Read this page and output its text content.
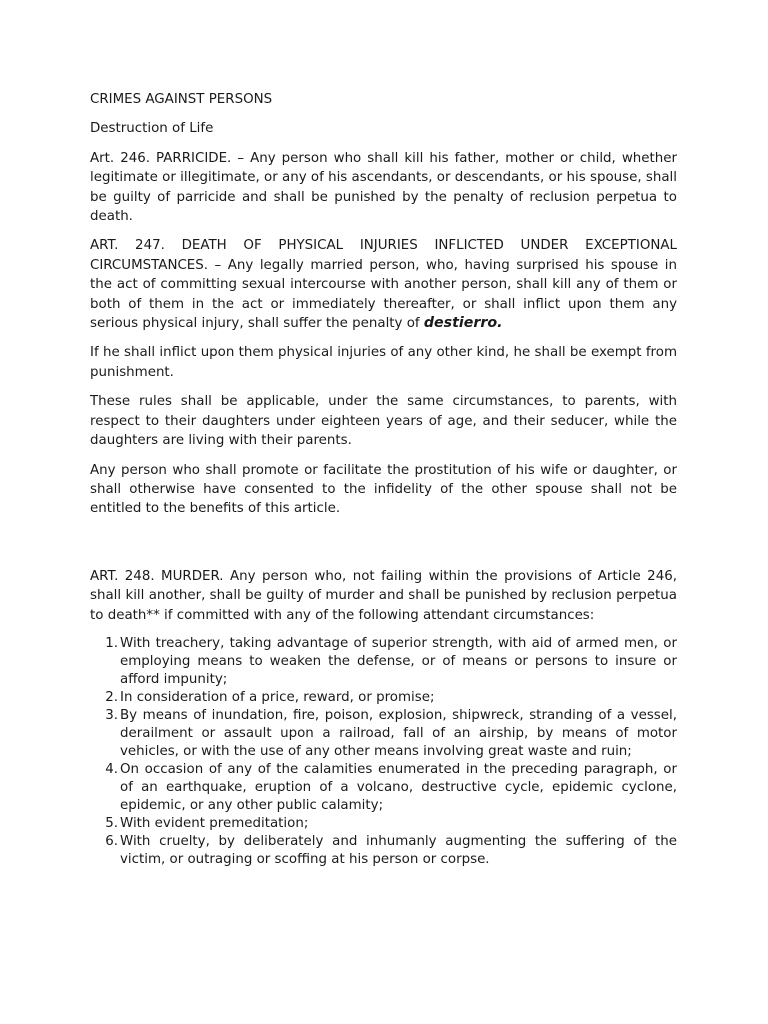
CRIMES AGAINST PERSONS

Destruction of Life

Art. 246. PARRICIDE. – Any person who shall kill his father, mother or child, whether legitimate or illegitimate, or any of his ascendants, or descendants, or his spouse, shall be guilty of parricide and shall be punished by the penalty of reclusion perpetua to death.

ART. 247. DEATH OF PHYSICAL INJURIES INFLICTED UNDER EXCEPTIONAL CIRCUMSTANCES. – Any legally married person, who, having surprised his spouse in the act of committing sexual intercourse with another person, shall kill any of them or both of them in the act or immediately thereafter, or shall inflict upon them any serious physical injury, shall suffer the penalty of destierro.

If he shall inflict upon them physical injuries of any other kind, he shall be exempt from punishment.

These rules shall be applicable, under the same circumstances, to parents, with respect to their daughters under eighteen years of age, and their seducer, while the daughters are living with their parents.

Any person who shall promote or facilitate the prostitution of his wife or daughter, or shall otherwise have consented to the infidelity of the other spouse shall not be entitled to the benefits of this article.

ART. 248. MURDER. Any person who, not failing within the provisions of Article 246, shall kill another, shall be guilty of murder and shall be punished by reclusion perpetua to death** if committed with any of the following attendant circumstances:

1. With treachery, taking advantage of superior strength, with aid of armed men, or employing means to weaken the defense, or of means or persons to insure or afford impunity;
2. In consideration of a price, reward, or promise;
3. By means of inundation, fire, poison, explosion, shipwreck, stranding of a vessel, derailment or assault upon a railroad, fall of an airship, by means of motor vehicles, or with the use of any other means involving great waste and ruin;
4. On occasion of any of the calamities enumerated in the preceding paragraph, or of an earthquake, eruption of a volcano, destructive cycle, epidemic cyclone, epidemic, or any other public calamity;
5. With evident premeditation;
6. With cruelty, by deliberately and inhumanly augmenting the suffering of the victim, or outraging or scoffing at his person or corpse.
